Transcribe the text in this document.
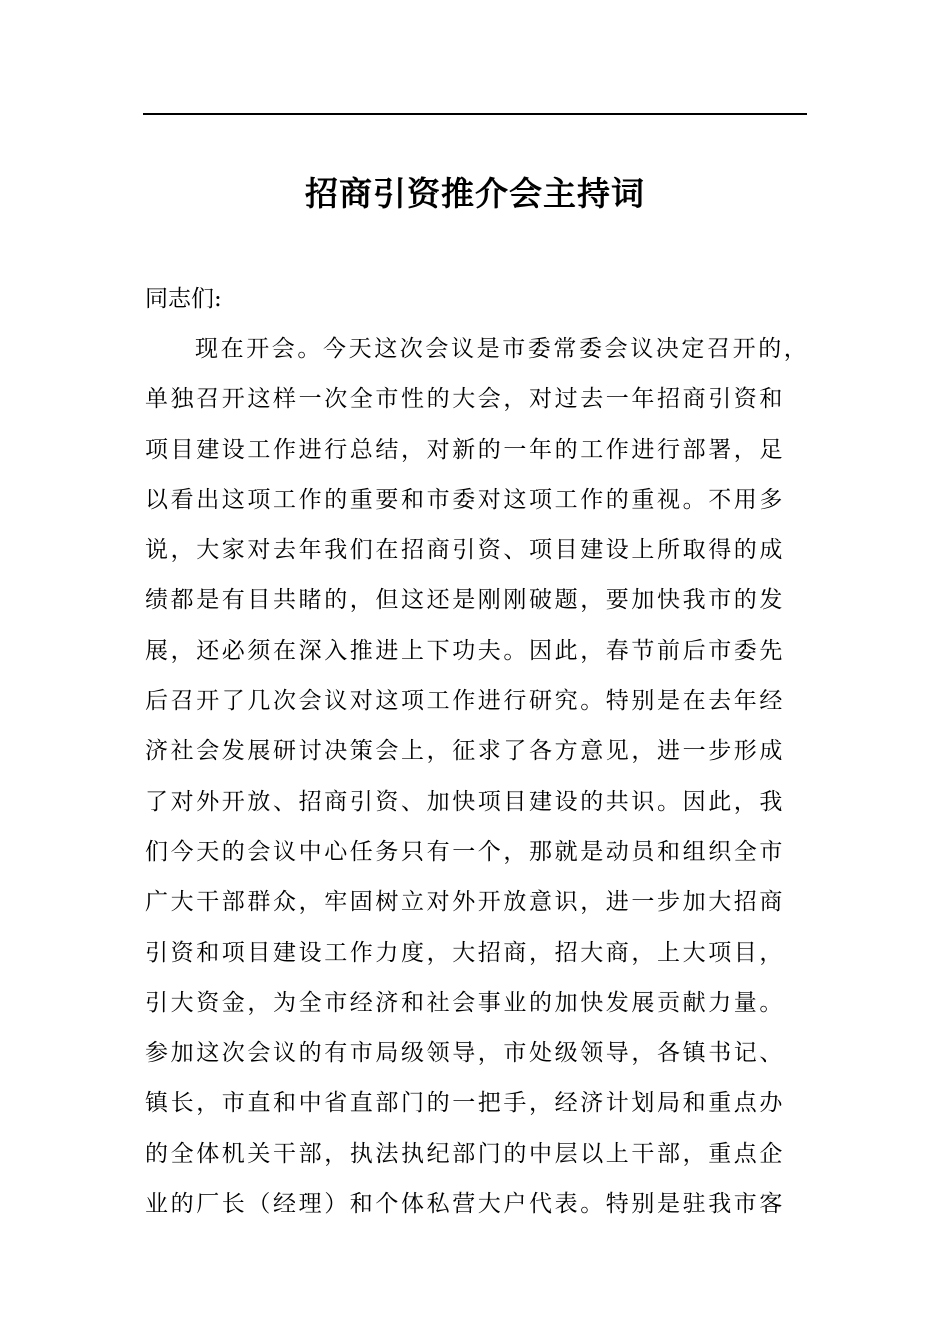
招商引资推介会主持词
同志们:
现在开会。今天这次会议是市委常委会议决定召开的，
单独召开这样一次全市性的大会，对过去一年招商引资和
项目建设工作进行总结，对新的一年的工作进行部署，足
以看出这项工作的重要和市委对这项工作的重视。不用多
说，大家对去年我们在招商引资、项目建设上所取得的成
绩都是有目共睹的，但这还是刚刚破题，要加快我市的发
展，还必须在深入推进上下功夫。因此，春节前后市委先
后召开了几次会议对这项工作进行研究。特别是在去年经
济社会发展研讨决策会上，征求了各方意见，进一步形成
了对外开放、招商引资、加快项目建设的共识。因此，我
们今天的会议中心任务只有一个，那就是动员和组织全市
广大干部群众，牢固树立对外开放意识，进一步加大招商
引资和项目建设工作力度，大招商，招大商，上大项目，
引大资金，为全市经济和社会事业的加快发展贡献力量。
参加这次会议的有市局级领导，市处级领导，各镇书记、
镇长，市直和中省直部门的一把手，经济计划局和重点办
的全体机关干部，执法执纪部门的中层以上干部，重点企
业的厂长（经理）和个体私营大户代表。特别是驻我市客
